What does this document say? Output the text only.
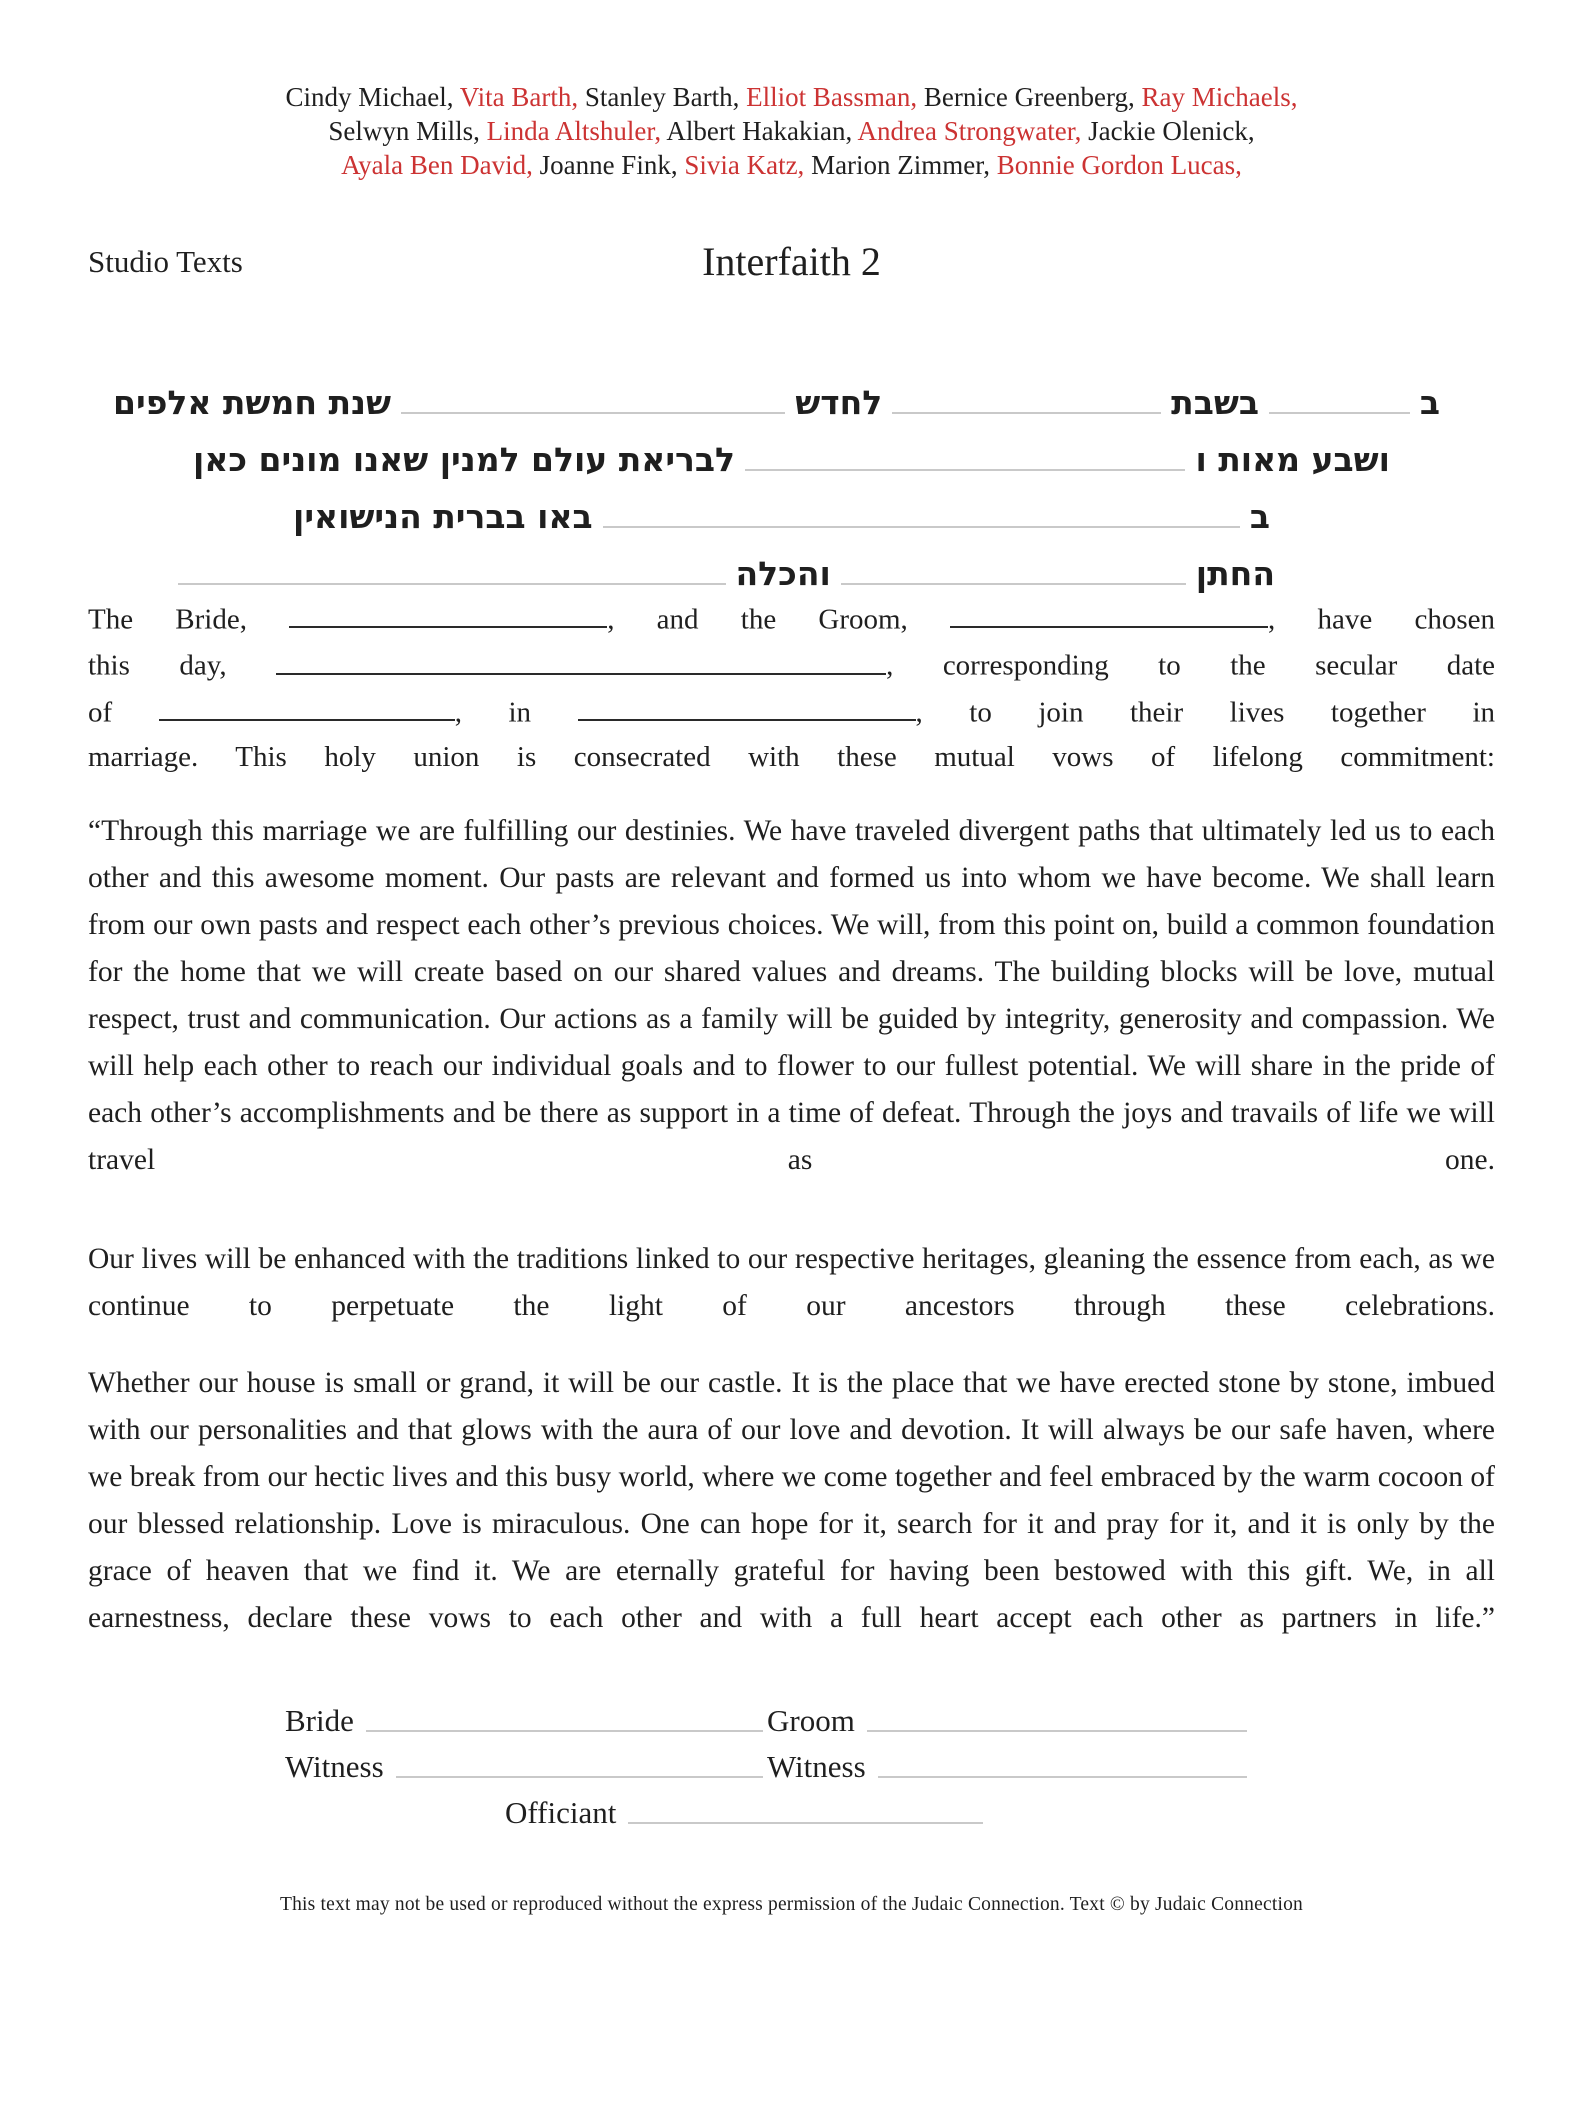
Cindy Michael, Vita Barth, Stanley Barth, Elliot Bassman, Bernice Greenberg, Ray Michaels,
Selwyn Mills, Linda Altshuler, Albert Hakakian, Andrea Strongwater, Jackie Olenick,
Ayala Ben David, Joanne Fink, Sivia Katz, Marion Zimmer, Bonnie Gordon Lucas,
Studio Texts	Interfaith 2
ב
בשבת
לחדש
שנת חמשת אלפים
ושבע מאות ו
לבריאת עולם למנין שאנו מונים כאן
ב
באו בברית הנישואין
החתן
והכלה
The Bride,	, and the Groom,	, have chosen
this day,	, corresponding to the secular date
of	, in	, to join their lives together in
marriage. This holy union is consecrated with these mutual vows of lifelong commitment:
“Through this marriage we are fulfilling our destinies. We have traveled divergent paths that ultimately led us to each other and this awesome moment. Our pasts are relevant and formed us into whom we have become. We shall learn from our own pasts and respect each other’s previous choices. We will, from this point on, build a common foundation for the home that we will create based on our shared values and dreams. The building blocks will be love, mutual respect, trust and communication. Our actions as a family will be guided by integrity, generosity and compassion. We will help each other to reach our individual goals and to flower to our fullest potential. We will share in the pride of each other’s accomplishments and be there as support in a time of defeat. Through the joys and travails of life we will travel as one.
Our lives will be enhanced with the traditions linked to our respective heritages, gleaning the essence from each, as we continue to perpetuate the light of our ancestors through these celebrations.
Whether our house is small or grand, it will be our castle. It is the place that we have erected stone by stone, imbued with our personalities and that glows with the aura of our love and devotion. It will always be our safe haven, where we break from our hectic lives and this busy world, where we come together and feel embraced by the warm cocoon of our blessed relationship. Love is miraculous. One can hope for it, search for it and pray for it, and it is only by the grace of heaven that we find it. We are eternally grateful for having been bestowed with this gift. We, in all earnestness, declare these vows to each other and with a full heart accept each other as partners in life.”
Bride	Groom
Witness	Witness
Officiant
This text may not be used or reproduced without the express permission of the Judaic Connection. Text © by Judaic Connection
